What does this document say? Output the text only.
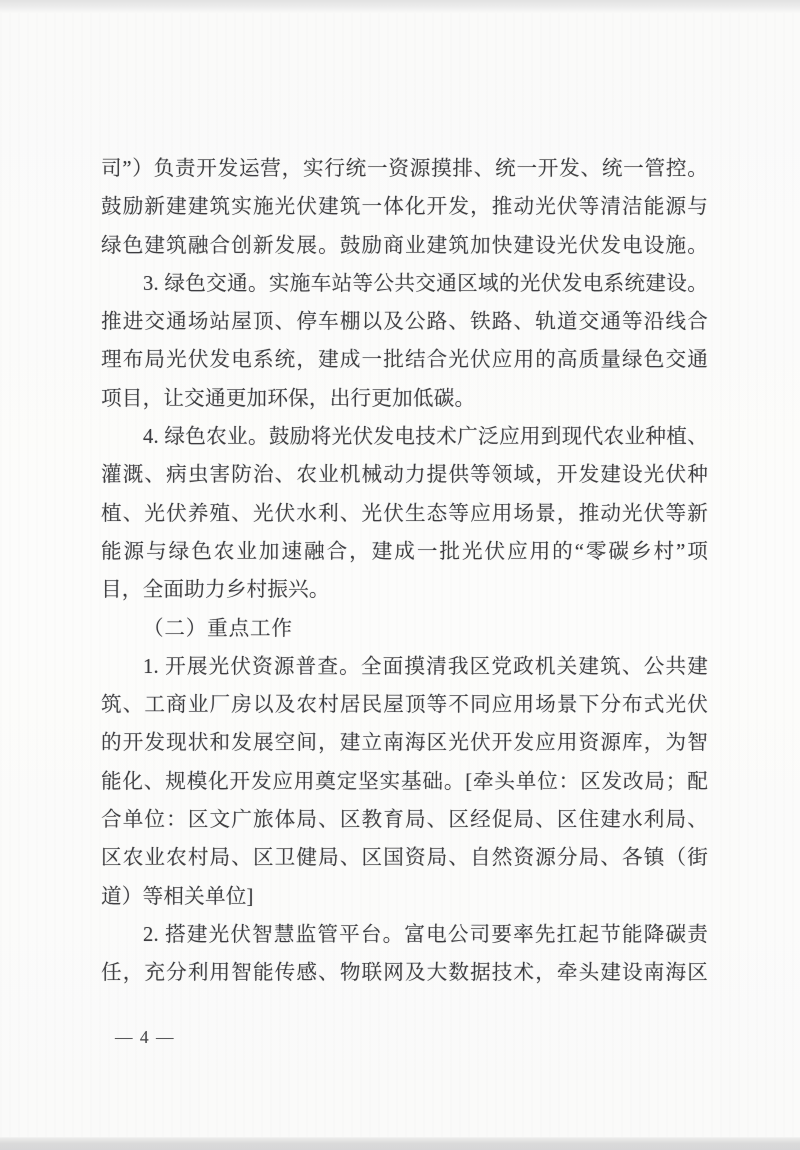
司”）负责开发运营，实行统一资源摸排、统一开发、统一管控。
鼓励新建建筑实施光伏建筑一体化开发，推动光伏等清洁能源与
绿色建筑融合创新发展。鼓励商业建筑加快建设光伏发电设施。
3. 绿色交通。实施车站等公共交通区域的光伏发电系统建设。
推进交通场站屋顶、停车棚以及公路、铁路、轨道交通等沿线合
理布局光伏发电系统，建成一批结合光伏应用的高质量绿色交通
项目，让交通更加环保，出行更加低碳。
4. 绿色农业。鼓励将光伏发电技术广泛应用到现代农业种植、
灌溉、病虫害防治、农业机械动力提供等领域，开发建设光伏种
植、光伏养殖、光伏水利、光伏生态等应用场景，推动光伏等新
能源与绿色农业加速融合，建成一批光伏应用的“零碳乡村”项
目，全面助力乡村振兴。
（二）重点工作
1. 开展光伏资源普查。全面摸清我区党政机关建筑、公共建
筑、工商业厂房以及农村居民屋顶等不同应用场景下分布式光伏
的开发现状和发展空间，建立南海区光伏开发应用资源库，为智
能化、规模化开发应用奠定坚实基础。[牵头单位：区发改局；配
合单位：区文广旅体局、区教育局、区经促局、区住建水利局、
区农业农村局、区卫健局、区国资局、自然资源分局、各镇（街
道）等相关单位]
2. 搭建光伏智慧监管平台。富电公司要率先扛起节能降碳责
任，充分利用智能传感、物联网及大数据技术，牵头建设南海区
— 4 —
